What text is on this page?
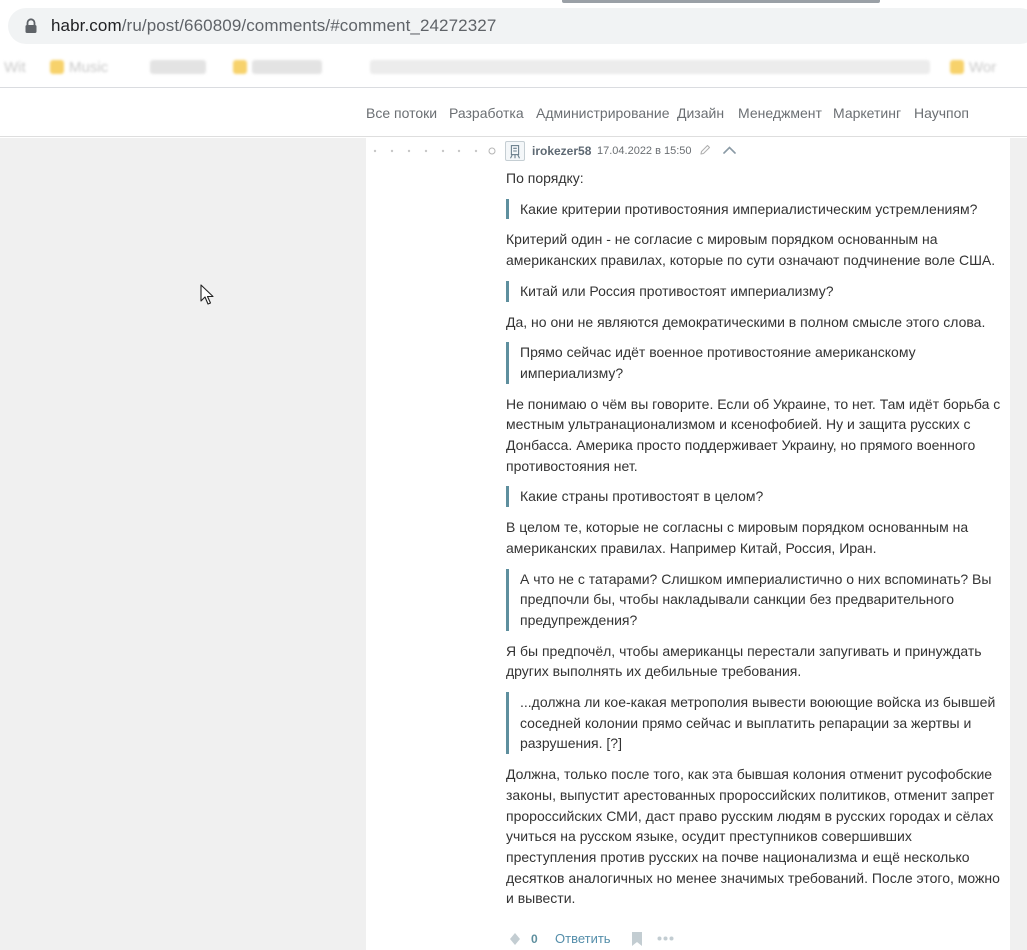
habr.com/ru/post/660809/comments/#comment_24272327
Wit	Music	Wor
Все потоки Разработка Администрирование Дизайн Менеджмент Маркетинг Научпоп
irokezer58 17.04.2022 в 15:50

По порядку:

Какие критерии противостояния империалистическим устремлениям?

Критерий один - не согласие с мировым порядком основанным на американских правилах, которые по сути означают подчинение воле США.

Китай или Россия противостоят империализму?

Да, но они не являются демократическими в полном смысле этого слова.

Прямо сейчас идёт военное противостояние американскому империализму?

Не понимаю о чём вы говорите. Если об Украине, то нет. Там идёт борьба с местным ультранационализмом и ксенофобией. Ну и защита русских с Донбасса. Америка просто поддерживает Украину, но прямого военного противостояния нет.

Какие страны противостоят в целом?

В целом те, которые не согласны с мировым порядком основанным на американских правилах. Например Китай, Россия, Иран.

А что не с татарами? Слишком империалистично о них вспоминать? Вы предпочли бы, чтобы накладывали санкции без предварительного предупреждения?

Я бы предпочёл, чтобы американцы перестали запугивать и принуждать других выполнять их дебильные требования.

...должна ли кое-какая метрополия вывести воюющие войска из бывшей соседней колонии прямо сейчас и выплатить репарации за жертвы и разрушения. [?]

Должна, только после того, как эта бывшая колония отменит русофобские законы, выпустит арестованных пророссийских политиков, отменит запрет пророссийских СМИ, даст право русским людям в русских городах и сёлах учиться на русском языке, осудит преступников совершивших преступления против русских на почве национализма и ещё несколько десятков аналогичных но менее значимых требований. После этого, можно и вывести.

0 Ответить
